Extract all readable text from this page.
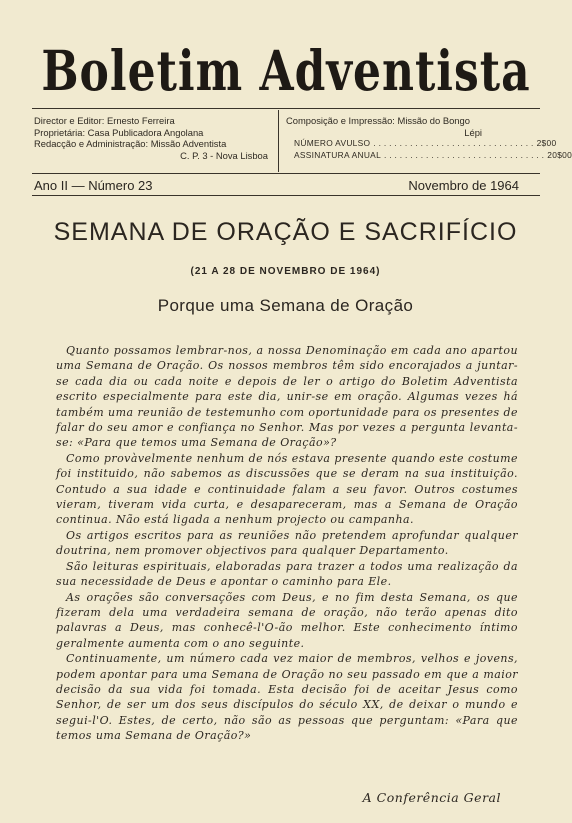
Boletim Adventista
Director e Editor: Ernesto Ferreira
Proprietária: Casa Publicadora Angolana
Redacção e Administração: Missão Adventista
C. P. 3 - Nova Lisboa
Composição e Impressão: Missão do Bongo
Lépi
NÚMERO AVULSO . . . . . . . . . . . . . . . . . . . . . . . . . . . . . . . 2$00
ASSINATURA ANUAL . . . . . . . . . . . . . . . . . . . . . . . . . . . . . . . 20$00
Ano II — Número 23	Novembro de 1964
SEMANA DE ORAÇÃO E SACRIFÍCIO
(21 A 28 DE NOVEMBRO DE 1964)
Porque uma Semana de Oração

Quanto possamos lembrar-nos, a nossa Denominação em cada ano apartou uma Semana de Oração. Os nossos membros têm sido encorajados a juntar-se cada dia ou cada noite e depois de ler o artigo do Boletim Adventista escrito especialmente para este dia, unir-se em oração. Algumas vezes há também uma reunião de testemunho com oportunidade para os presentes de falar do seu amor e confiança no Senhor. Mas por vezes a pergunta levanta-se: «Para que temos uma Semana de Oração»?

Como provàvelmente nenhum de nós estava presente quando este costume foi instituido, não sabemos as discussões que se deram na sua instituição. Contudo a sua idade e continuidade falam a seu favor. Outros costumes vieram, tiveram vida curta, e desapareceram, mas a Semana de Oração continua. Não está ligada a nenhum projecto ou campanha.

Os artigos escritos para as reuniões não pretendem aprofundar qualquer doutrina, nem promover objectivos para qualquer Departamento.

São leituras espirituais, elaboradas para trazer a todos uma realização da sua necessidade de Deus e apontar o caminho para Ele.

As orações são conversações com Deus, e no fim desta Semana, os que fizeram dela uma verdadeira semana de oração, não terão apenas dito palavras a Deus, mas conhecê-l'O-ão melhor. Este conhecimento íntimo geralmente aumenta com o ano seguinte.

Continuamente, um número cada vez maior de membros, velhos e jovens, podem apontar para uma Semana de Oração no seu passado em que a maior decisão da sua vida foi tomada. Esta decisão foi de aceitar Jesus como Senhor, de ser um dos seus discípulos do século XX, de deixar o mundo e segui-l'O. Estes, de certo, não são as pessoas que perguntam: «Para que temos uma Semana de Oração?»

A Conferência Geral
